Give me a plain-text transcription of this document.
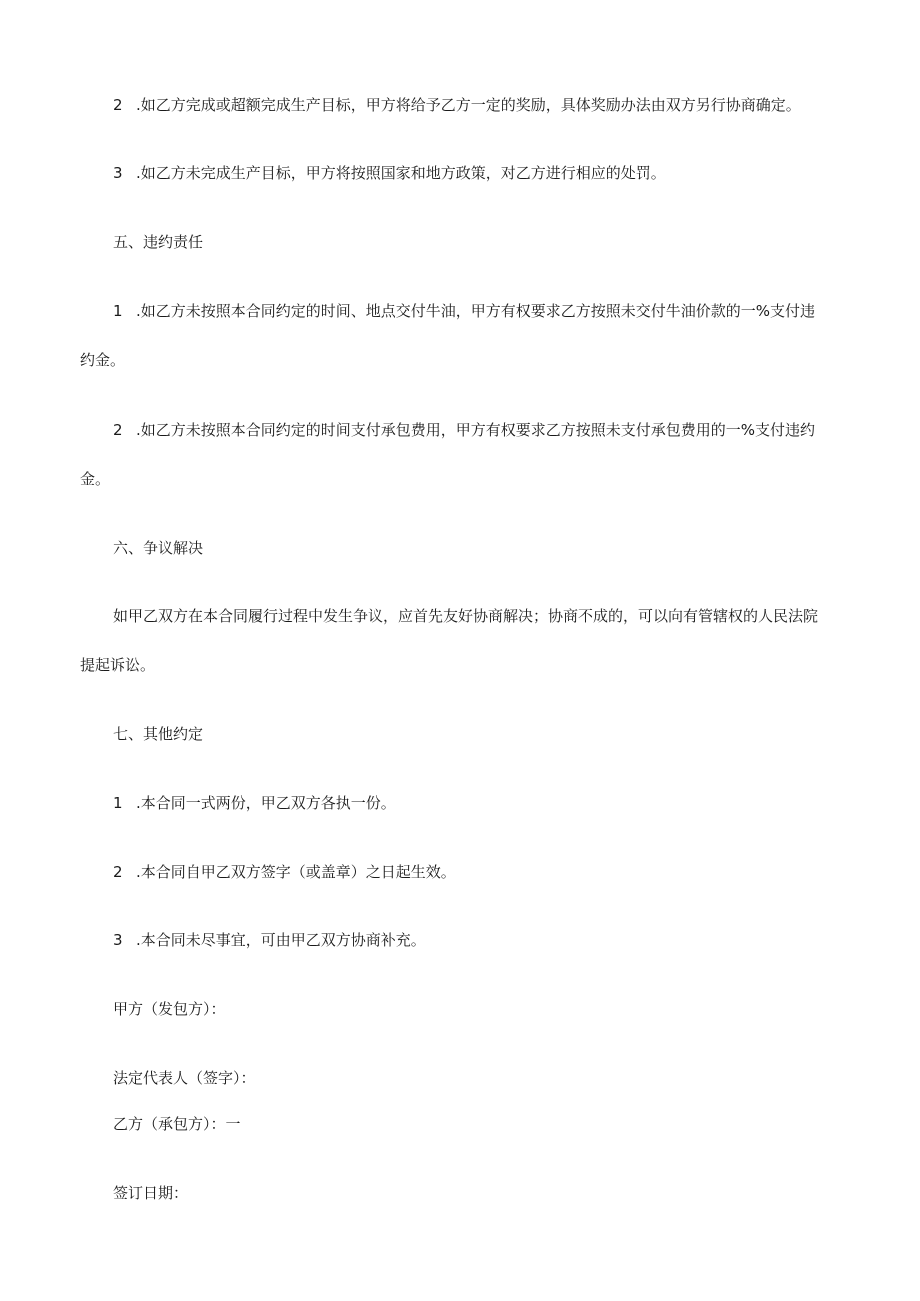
2 .如乙方完成或超额完成生产目标，甲方将给予乙方一定的奖励，具体奖励办法由双方另行协商确定。
3 .如乙方未完成生产目标，甲方将按照国家和地方政策，对乙方进行相应的处罚。
五、违约责任
1 .如乙方未按照本合同约定的时间、地点交付牛油，甲方有权要求乙方按照未交付牛油价款的一%支付违
约金。
2 .如乙方未按照本合同约定的时间支付承包费用，甲方有权要求乙方按照未支付承包费用的一%支付违约
金。
六、争议解决
如甲乙双方在本合同履行过程中发生争议，应首先友好协商解决；协商不成的，可以向有管辖权的人民法院
提起诉讼。
七、其他约定
1 .本合同一式两份，甲乙双方各执一份。
2 .本合同自甲乙双方签字（或盖章）之日起生效。
3 .本合同未尽事宜，可由甲乙双方协商补充。
甲方（发包方）：
法定代表人（签字）：
乙方（承包方）：一
签订日期：
